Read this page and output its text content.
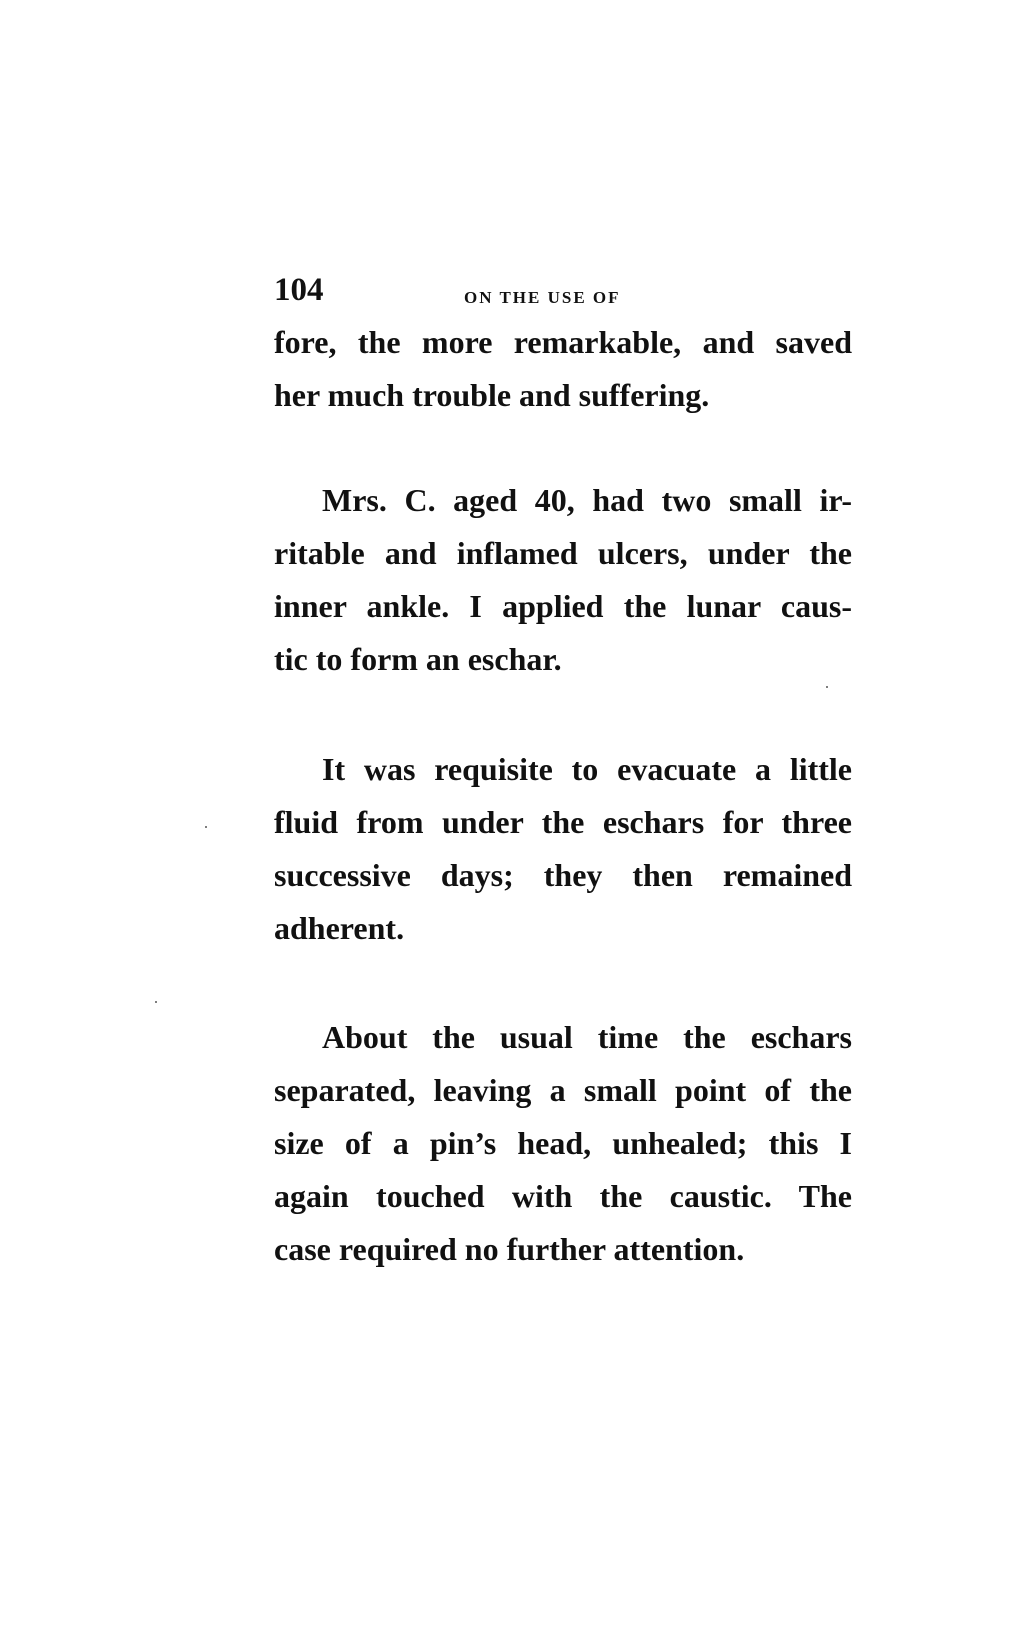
104	ON THE USE OF
fore, the more remarkable, and saved
her much trouble and suffering.
Mrs. C. aged 40, had two small ir-
ritable and inflamed ulcers, under the
inner ankle. I applied the lunar caus-
tic to form an eschar.
It was requisite to evacuate a little
fluid from under the eschars for three
successive days; they then remained
adherent.
About the usual time the eschars
separated, leaving a small point of the
size of a pin’s head, unhealed; this I
again touched with the caustic. The
case required no further attention.
